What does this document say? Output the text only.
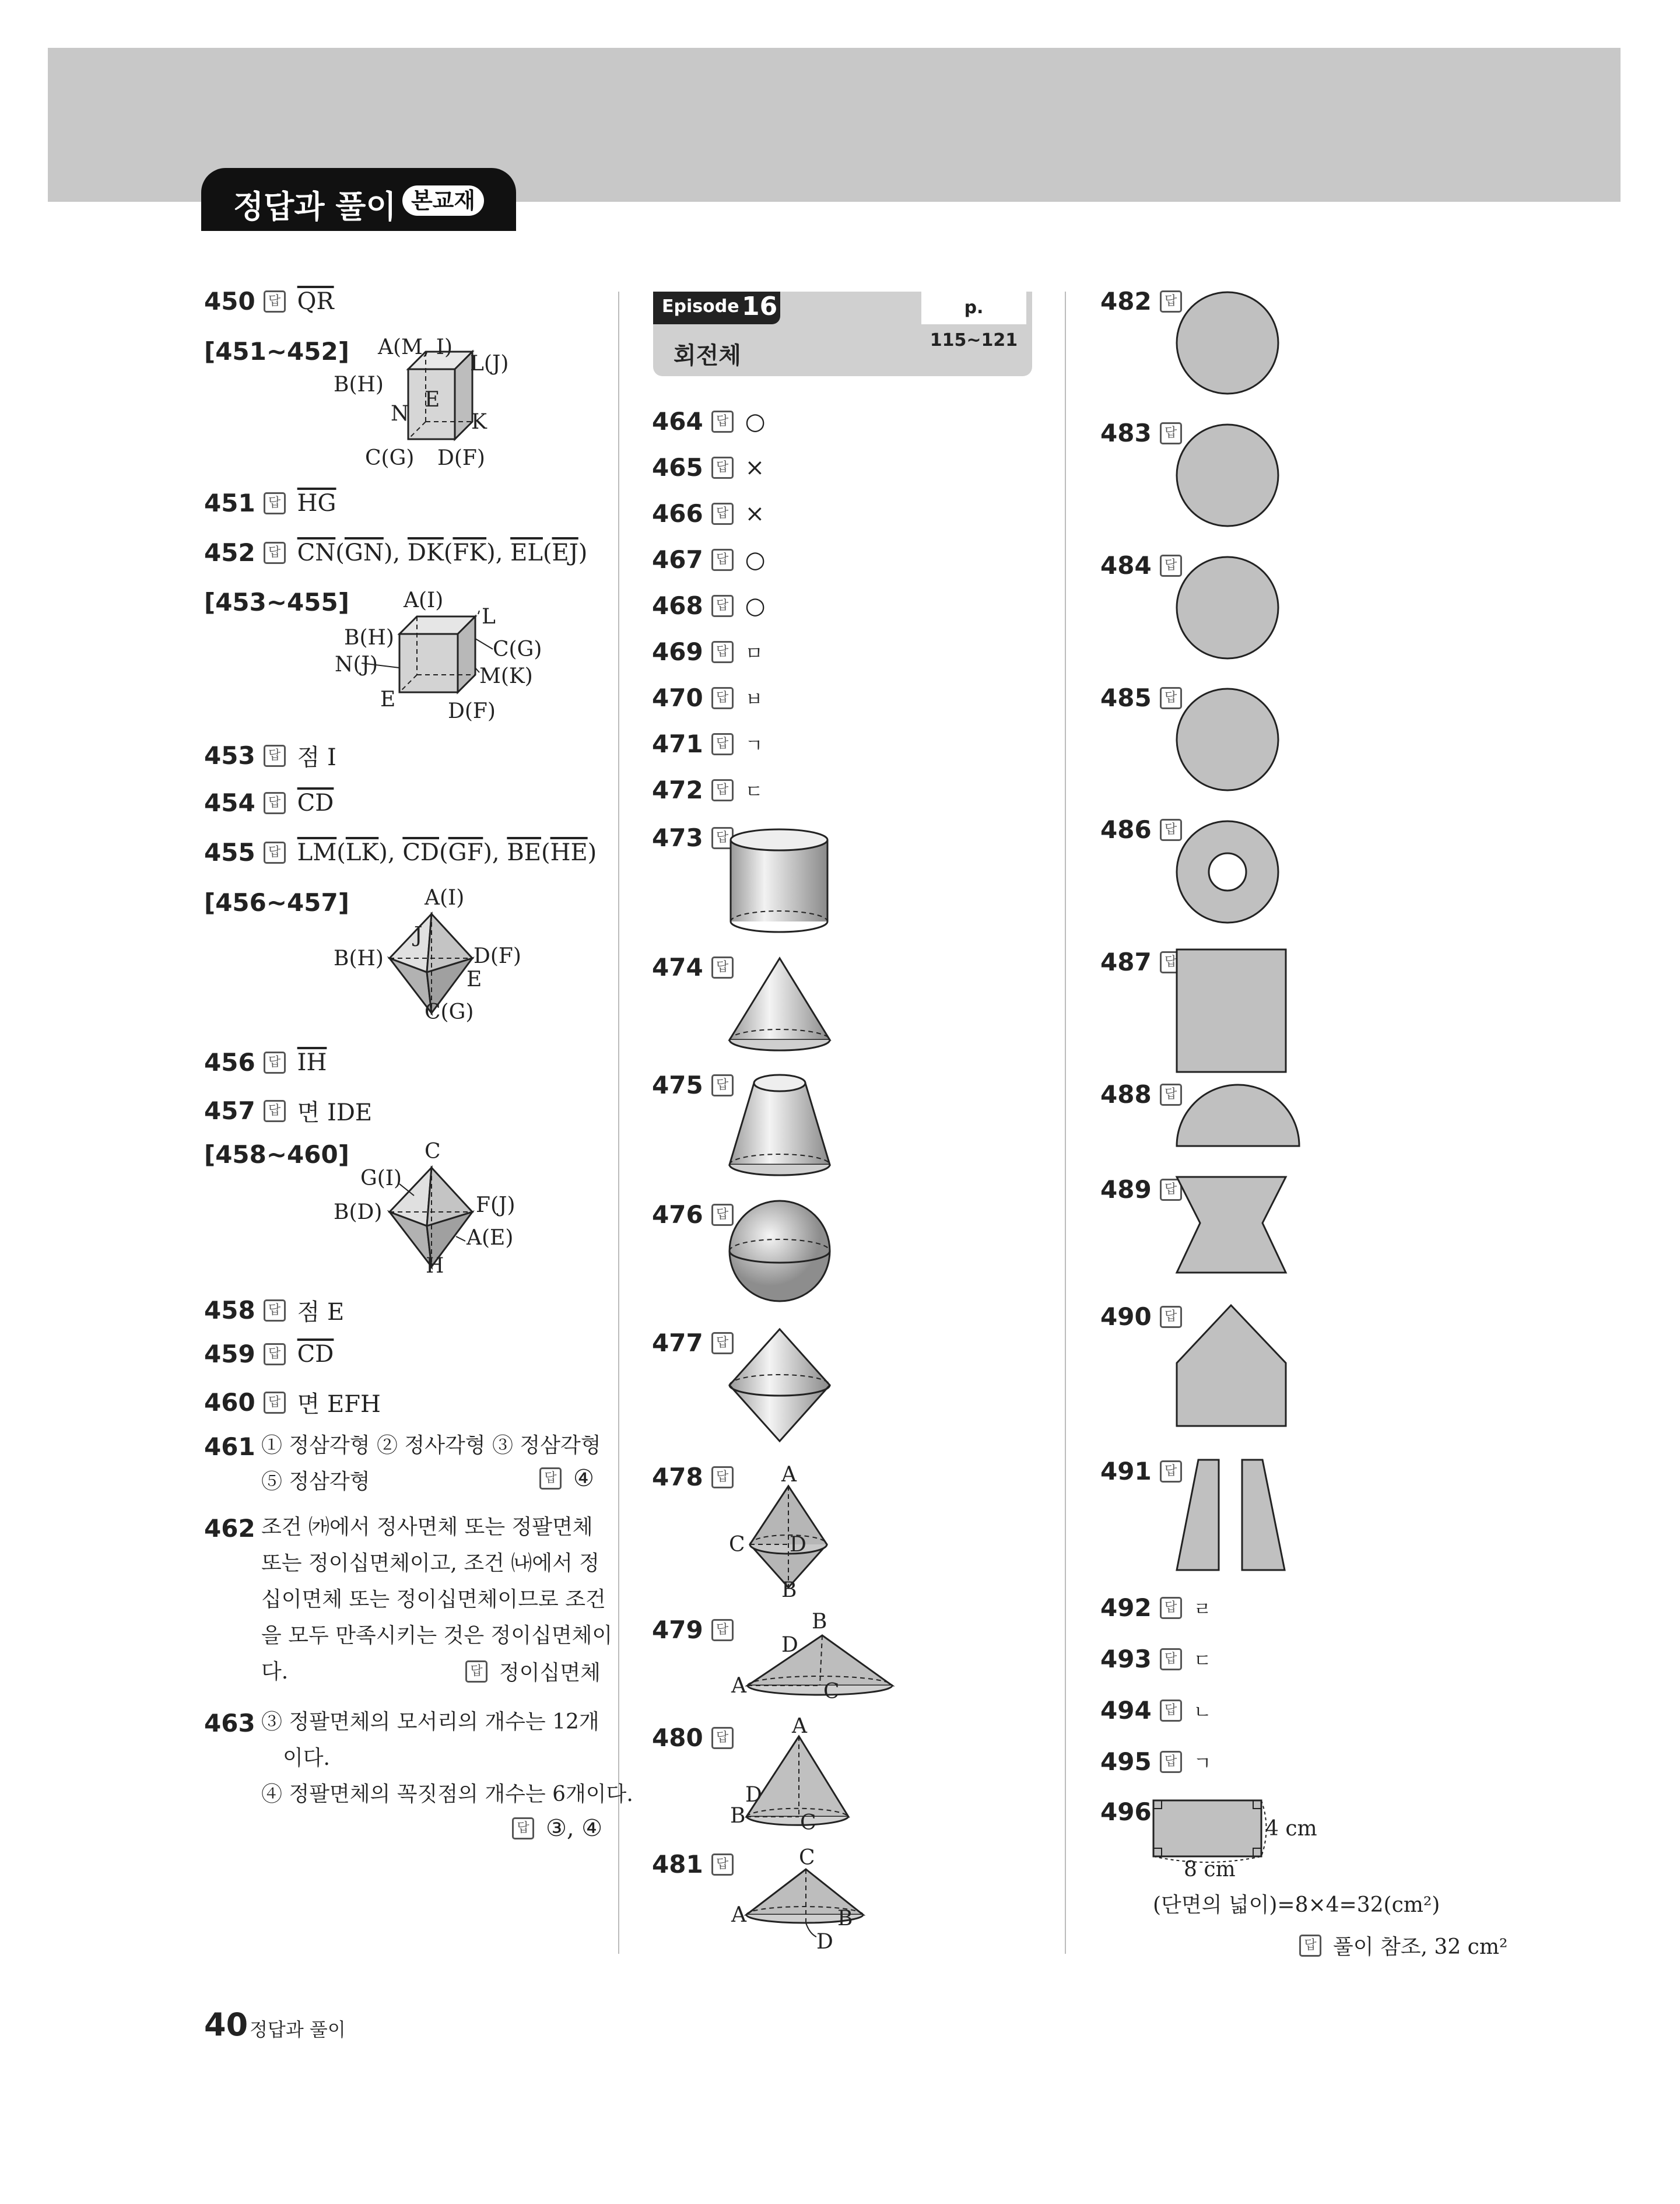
정답과 풀이 본교재
450	답 $\overline{QR}$
[451~452] A(M, I)
L(J)
B(H)
E
N	K
C(G) D(F)
451	답 $\overline{HG}$
452	답 $\overline{CN}(\overline{GN})$, $\overline{DK}(\overline{FK})$, $\overline{EL}(\overline{EJ})$
[453~455]	A(I)
L
B(H)	C(G)
N(J)	M(K)
E D(F)
453	답 점 I
454	답 $\overline{CD}$
455	답 $\overline{LM}(\overline{LK})$, $\overline{CD}(\overline{GF})$, $\overline{BE}(\overline{HE})$
[456~457]	A(I)
J
B(H)	D(F)
E
C(G)
456	답 $\overline{IH}$
457	답 면 IDE
[458~460]	C
G(I)
B(D)	F(J)
A(E)
H
458	답 점 E
459	답 $\overline{CD}$
460	답 면 EFH
461 ① 정삼각형 ② 정사각형 ③ 정삼각형
⑤ 정삼각형	답 ④
462 조건 ㈎에서 정사면체 또는 정팔면체
또는 정이십면체이고, 조건 ㈏에서 정
십이면체 또는 정이십면체이므로 조건
을 모두 만족시키는 것은 정이십면체이
다.	답 정이십면체
463 ③ 정팔면체의 모서리의 개수는 12개
이다.
④ 정팔면체의 꼭짓점의 개수는 6개이다.
답 ③, ④
Episode 16	p. 115~121
회전체
464	답 ○
465	답 ×
466	답 ×
467	답 ○
468	답 ○
469	답 ㅁ
470	답 ㅂ
471	답 ㄱ
472	답 ㄷ
473	답
474	답
475	답
476	답
477	답
478	답	A
C D
B
479	답	B
D
A	C
480	답	A
D
B	C
481	답	C
A	B
D
482	답
483	답
484	답
485	답
486	답
487	답
488	답
489	답
490	답
491	답
492	답 ㄹ
493	답 ㄷ
494	답 ㄴ
495	답 ㄱ
496
4 cm
8 cm
(단면의 넓이)=8×4=32(cm²)
답 풀이 참조, 32 cm²
40 정답과 풀이
